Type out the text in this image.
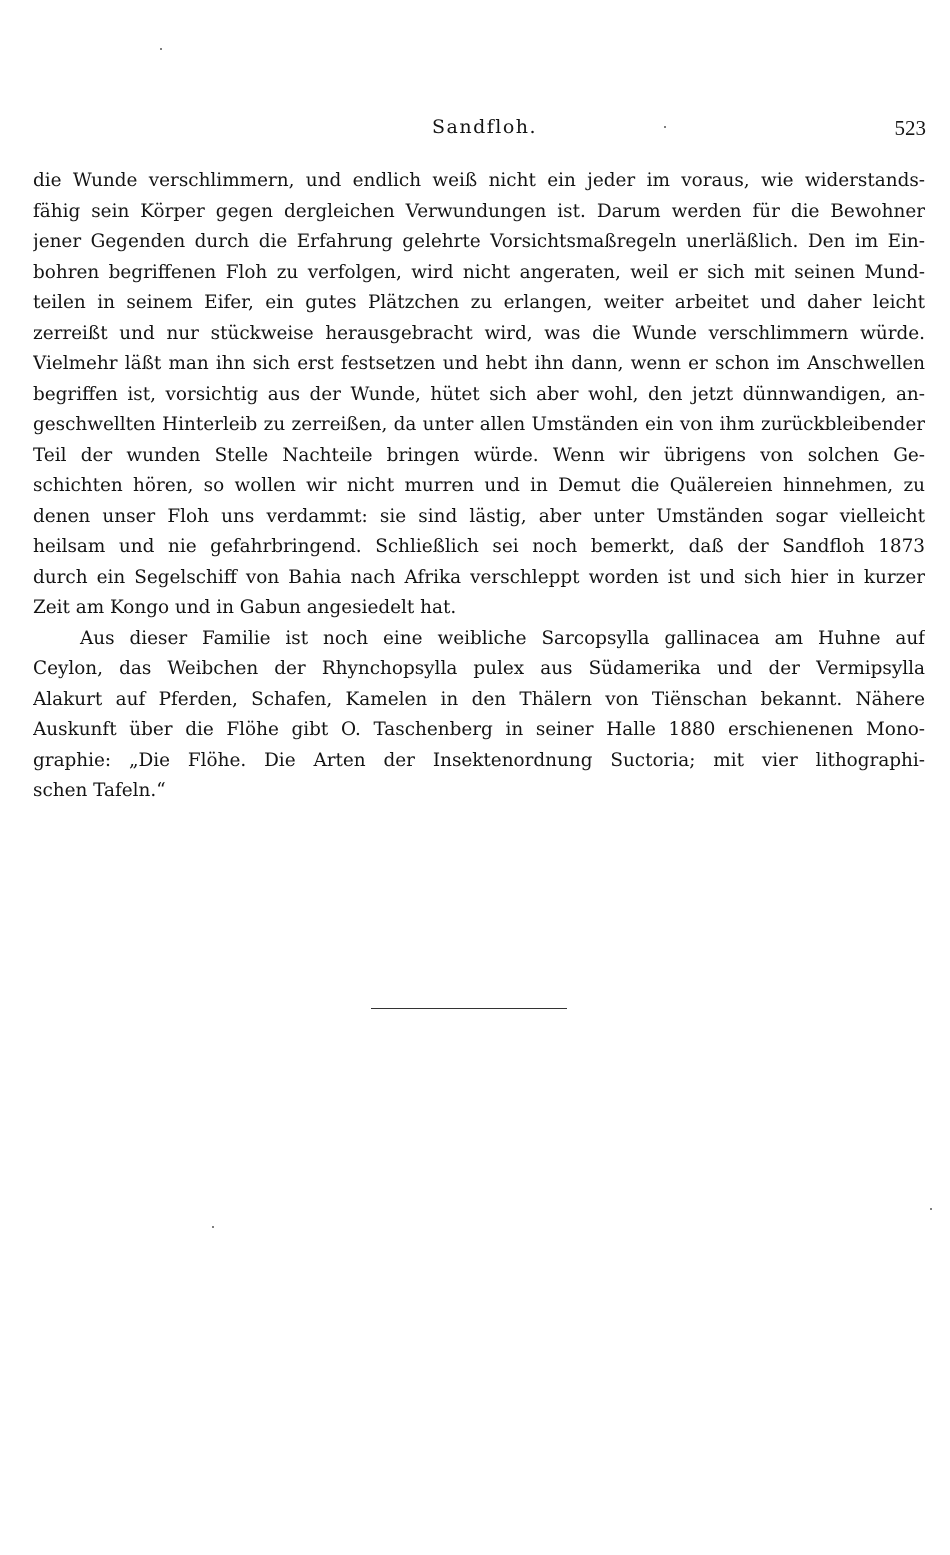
Sandfloh.	523
die Wunde verschlimmern, und endlich weiß nicht ein jeder im voraus, wie widerstands-
fähig sein Körper gegen dergleichen Verwundungen ist. Darum werden für die Bewohner
jener Gegenden durch die Erfahrung gelehrte Vorsichtsmaßregeln unerläßlich. Den im Ein-
bohren begriffenen Floh zu verfolgen, wird nicht angeraten, weil er sich mit seinen Mund-
teilen in seinem Eifer, ein gutes Plätzchen zu erlangen, weiter arbeitet und daher leicht
zerreißt und nur stückweise herausgebracht wird, was die Wunde verschlimmern würde.
Vielmehr läßt man ihn sich erst festsetzen und hebt ihn dann, wenn er schon im Anschwellen
begriffen ist, vorsichtig aus der Wunde, hütet sich aber wohl, den jetzt dünnwandigen, an-
geschwellten Hinterleib zu zerreißen, da unter allen Umständen ein von ihm zurückbleibender
Teil der wunden Stelle Nachteile bringen würde. Wenn wir übrigens von solchen Ge-
schichten hören, so wollen wir nicht murren und in Demut die Quälereien hinnehmen, zu
denen unser Floh uns verdammt: sie sind lästig, aber unter Umständen sogar vielleicht
heilsam und nie gefahrbringend. Schließlich sei noch bemerkt, daß der Sandfloh 1873
durch ein Segelschiff von Bahia nach Afrika verschleppt worden ist und sich hier in kurzer
Zeit am Kongo und in Gabun angesiedelt hat.
Aus dieser Familie ist noch eine weibliche Sarcopsylla gallinacea am Huhne auf
Ceylon, das Weibchen der Rhynchopsylla pulex aus Südamerika und der Vermipsylla
Alakurt auf Pferden, Schafen, Kamelen in den Thälern von Tiënschan bekannt. Nähere
Auskunft über die Flöhe gibt O. Taschenberg in seiner Halle 1880 erschienenen Mono-
graphie: „Die Flöhe. Die Arten der Insektenordnung Suctoria; mit vier lithographi-
schen Tafeln.“
